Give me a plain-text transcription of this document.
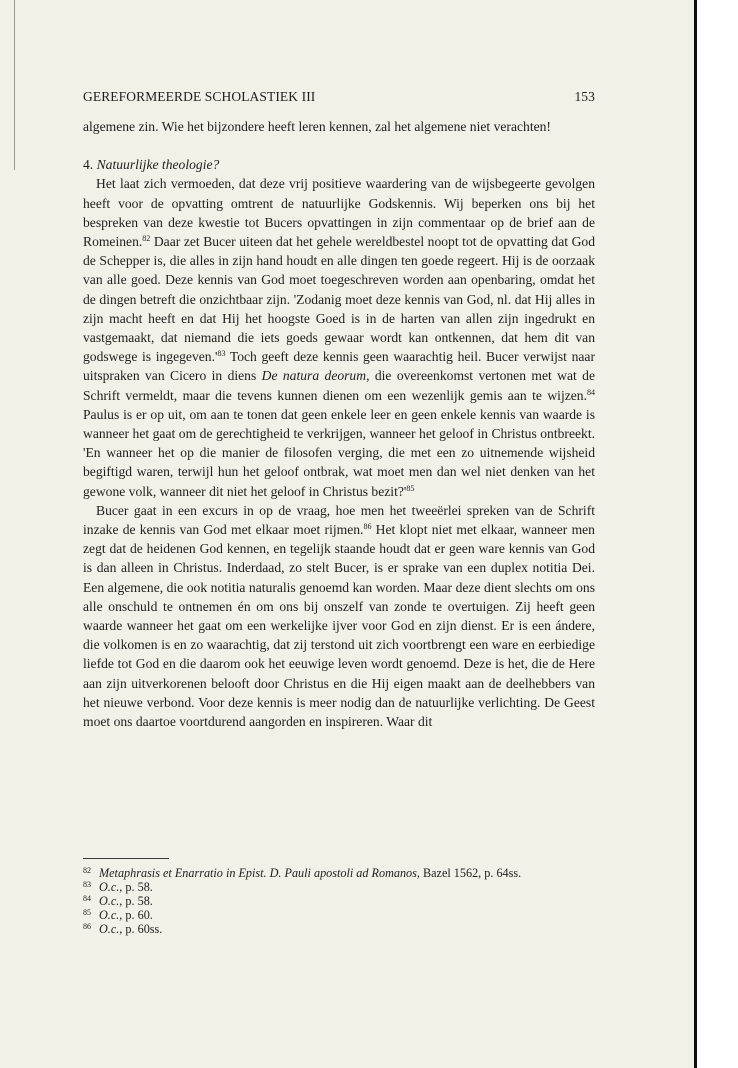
GEREFORMEERDE SCHOLASTIEK III	153

algemene zin. Wie het bijzondere heeft leren kennen, zal het algemene niet verachten!

4. Natuurlijke theologie?

Het laat zich vermoeden, dat deze vrij positieve waardering van de wijsbegeerte gevolgen heeft voor de opvatting omtrent de natuurlijke Godskennis. Wij beperken ons bij het bespreken van deze kwestie tot Bucers opvattingen in zijn commentaar op de brief aan de Romeinen.$^{82}$ Daar zet Bucer uiteen dat het gehele wereldbestel noopt tot de opvatting dat God de Schepper is, die alles in zijn hand houdt en alle dingen ten goede regeert. Hij is de oorzaak van alle goed. Deze kennis van God moet toegeschreven worden aan openbaring, omdat het de dingen betreft die onzichtbaar zijn. 'Zodanig moet deze kennis van God, nl. dat Hij alles in zijn macht heeft en dat Hij het hoogste Goed is in de harten van allen zijn ingedrukt en vastgemaakt, dat niemand die iets goeds gewaar wordt kan ontkennen, dat hem dit van godswege is ingegeven.'$^{83}$ Toch geeft deze kennis geen waarachtig heil. Bucer verwijst naar uitspraken van Cicero in diens De natura deorum, die overeenkomst vertonen met wat de Schrift vermeldt, maar die tevens kunnen dienen om een wezenlijk gemis aan te wijzen.$^{84}$ Paulus is er op uit, om aan te tonen dat geen enkele leer en geen enkele kennis van waarde is wanneer het gaat om de gerechtigheid te verkrijgen, wanneer het geloof in Christus ontbreekt. 'En wanneer het op die manier de filosofen verging, die met een zo uitnemende wijsheid begiftigd waren, terwijl hun het geloof ontbrak, wat moet men dan wel niet denken van het gewone volk, wanneer dit niet het geloof in Christus bezit?'$^{85}$

Bucer gaat in een excurs in op de vraag, hoe men het tweeërlei spreken van de Schrift inzake de kennis van God met elkaar moet rijmen.$^{86}$ Het klopt niet met elkaar, wanneer men zegt dat de heidenen God kennen, en tegelijk staande houdt dat er geen ware kennis van God is dan alleen in Christus. Inderdaad, zo stelt Bucer, is er sprake van een duplex notitia Dei. Een algemene, die ook notitia naturalis genoemd kan worden. Maar deze dient slechts om ons alle onschuld te ontnemen én om ons bij onszelf van zonde te overtuigen. Zij heeft geen waarde wanneer het gaat om een werkelijke ijver voor God en zijn dienst. Er is een ándere, die volkomen is en zo waarachtig, dat zij terstond uit zich voortbrengt een ware en eerbiedige liefde tot God en die daarom ook het eeuwige leven wordt genoemd. Deze is het, die de Here aan zijn uitverkorenen belooft door Christus en die Hij eigen maakt aan de deelhebbers van het nieuwe verbond. Voor deze kennis is meer nodig dan de natuurlijke verlichting. De Geest moet ons daartoe voortdurend aangorden en inspireren. Waar dit

82 Metaphrasis et Enarratio in Epist. D. Pauli apostoli ad Romanos, Bazel 1562, p. 64ss.

83 O.c., p. 58.

84 O.c., p. 58.

85 O.c., p. 60.

86 O.c., p. 60ss.
